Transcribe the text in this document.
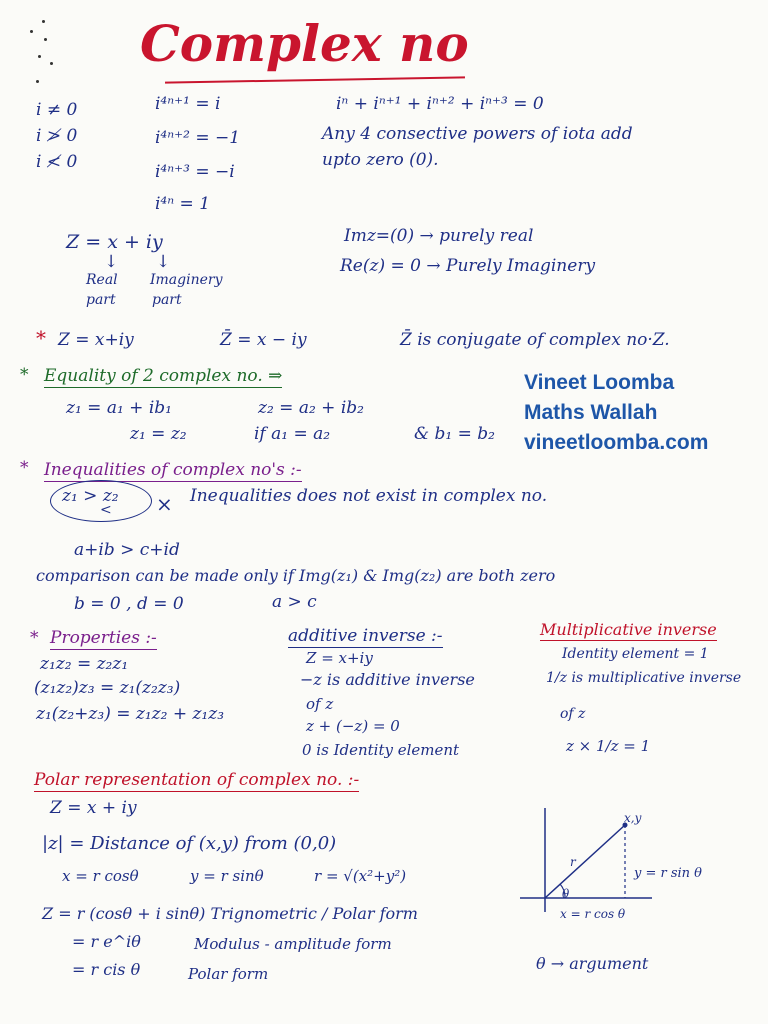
Complex no
i ≠ 0
i ≯ 0
i ≮ 0
i⁴ⁿ⁺¹ = i
i⁴ⁿ⁺² = −1
i⁴ⁿ⁺³ = −i
i⁴ⁿ = 1
iⁿ + iⁿ⁺¹ + iⁿ⁺² + iⁿ⁺³ = 0
Any 4 consective powers of iota add
upto zero (0).
Z = x + iy
↓ ↓
Real
part
Imaginery
part
Imz=(0) → purely real
Re(z) = 0 → Purely Imaginery
* Z = x+iy	Z̄ = x − iy	Z̄ is conjugate of complex no·Z.
* Equality of 2 complex no. ⇒
z₁ = a₁ + ib₁	z₂ = a₂ + ib₂
z₁ = z₂	if a₁ = a₂	& b₁ = b₂
Vineet Loomba
Maths Wallah
vineetloomba.com
* Inequalities of complex no's :-
z₁ > z₂
< × Inequalities does not exist in complex no.
a+ib > c+id
comparison can be made only if Img(z₁) & Img(z₂) are both zero
b = 0 , d = 0	a > c
* Properties :-
z₁z₂ = z₂z₁
(z₁z₂)z₃ = z₁(z₂z₃)
z₁(z₂+z₃) = z₁z₂ + z₁z₃
additive inverse :-
Z = x+iy
−z is additive inverse
of z
z + (−z) = 0
0 is Identity element
Multiplicative inverse
Identity element = 1
1/z is multiplicative inverse
of z
z × 1/z = 1
Polar representation of complex no. :-
Z = x + iy
|z| = Distance of (x,y) from (0,0)
x = r cosθ	y = r sinθ	r = √(x²+y²)
Z = r (cosθ + i sinθ) Trignometric / Polar form
= r e^iθ	Modulus - amplitude form
= r cis θ	Polar form
x,y
r
θ
y = r sin θ
x = r cos θ
θ → argument
